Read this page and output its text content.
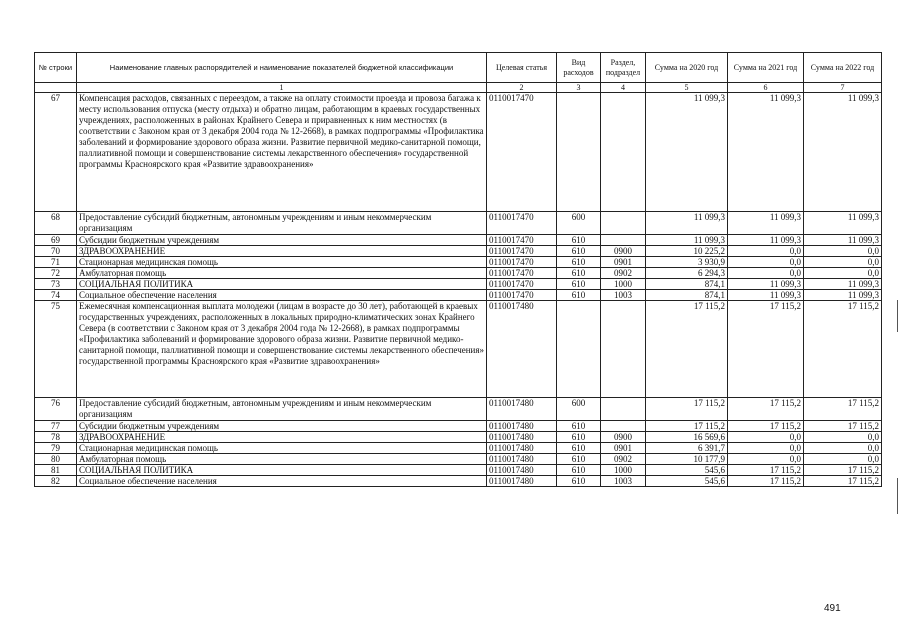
№ строки	Наименование главных распорядителей и наименование показателей бюджетной классификации	Целевая статья	Вид расходов	Раздел, подраздел	Сумма на 2020 год	Сумма на 2021 год	Сумма на 2022 год
	1	2	3	4	5	6	7
67	Компенсация расходов, связанных с переездом, а также на оплату стоимости проезда и провоза багажа к месту использования отпуска (месту отдыха) и обратно лицам, работающим в краевых государственных учреждениях, расположенных в районах Крайнего Севера и приравненных к ним местностях (в соответствии с Законом края от 3 декабря 2004 года № 12-2668), в рамках подпрограммы «Профилактика заболеваний и формирование здорового образа жизни. Развитие первичной медико-санитарной помощи, паллиативной помощи и совершенствование системы лекарственного обеспечения» государственной программы Красноярского края «Развитие здравоохранения»	0110017470			11 099,3	11 099,3	11 099,3
68	Предоставление субсидий бюджетным, автономным учреждениям и иным некоммерческим организациям	0110017470	600		11 099,3	11 099,3	11 099,3
69	Субсидии бюджетным учреждениям	0110017470	610		11 099,3	11 099,3	11 099,3
70	ЗДРАВООХРАНЕНИЕ	0110017470	610	0900	10 225,2	0,0	0,0
71	Стационарная медицинская помощь	0110017470	610	0901	3 930,9	0,0	0,0
72	Амбулаторная помощь	0110017470	610	0902	6 294,3	0,0	0,0
73	СОЦИАЛЬНАЯ ПОЛИТИКА	0110017470	610	1000	874,1	11 099,3	11 099,3
74	Социальное обеспечение населения	0110017470	610	1003	874,1	11 099,3	11 099,3
75	Ежемесячная компенсационная выплата молодежи (лицам в возрасте до 30 лет), работающей в краевых государственных учреждениях, расположенных в локальных природно-климатических зонах Крайнего Севера (в соответствии с Законом края от 3 декабря 2004 года № 12-2668), в рамках подпрограммы «Профилактика заболеваний и формирование здорового образа жизни. Развитие первичной медико-санитарной помощи, паллиативной помощи и совершенствование системы лекарственного обеспечения» государственной программы Красноярского края «Развитие здравоохранения»	0110017480			17 115,2	17 115,2	17 115,2
76	Предоставление субсидий бюджетным, автономным учреждениям и иным некоммерческим организациям	0110017480	600		17 115,2	17 115,2	17 115,2
77	Субсидии бюджетным учреждениям	0110017480	610		17 115,2	17 115,2	17 115,2
78	ЗДРАВООХРАНЕНИЕ	0110017480	610	0900	16 569,6	0,0	0,0
79	Стационарная медицинская помощь	0110017480	610	0901	6 391,7	0,0	0,0
80	Амбулаторная помощь	0110017480	610	0902	10 177,9	0,0	0,0
81	СОЦИАЛЬНАЯ ПОЛИТИКА	0110017480	610	1000	545,6	17 115,2	17 115,2
82	Социальное обеспечение населения	0110017480	610	1003	545,6	17 115,2	17 115,2
491
